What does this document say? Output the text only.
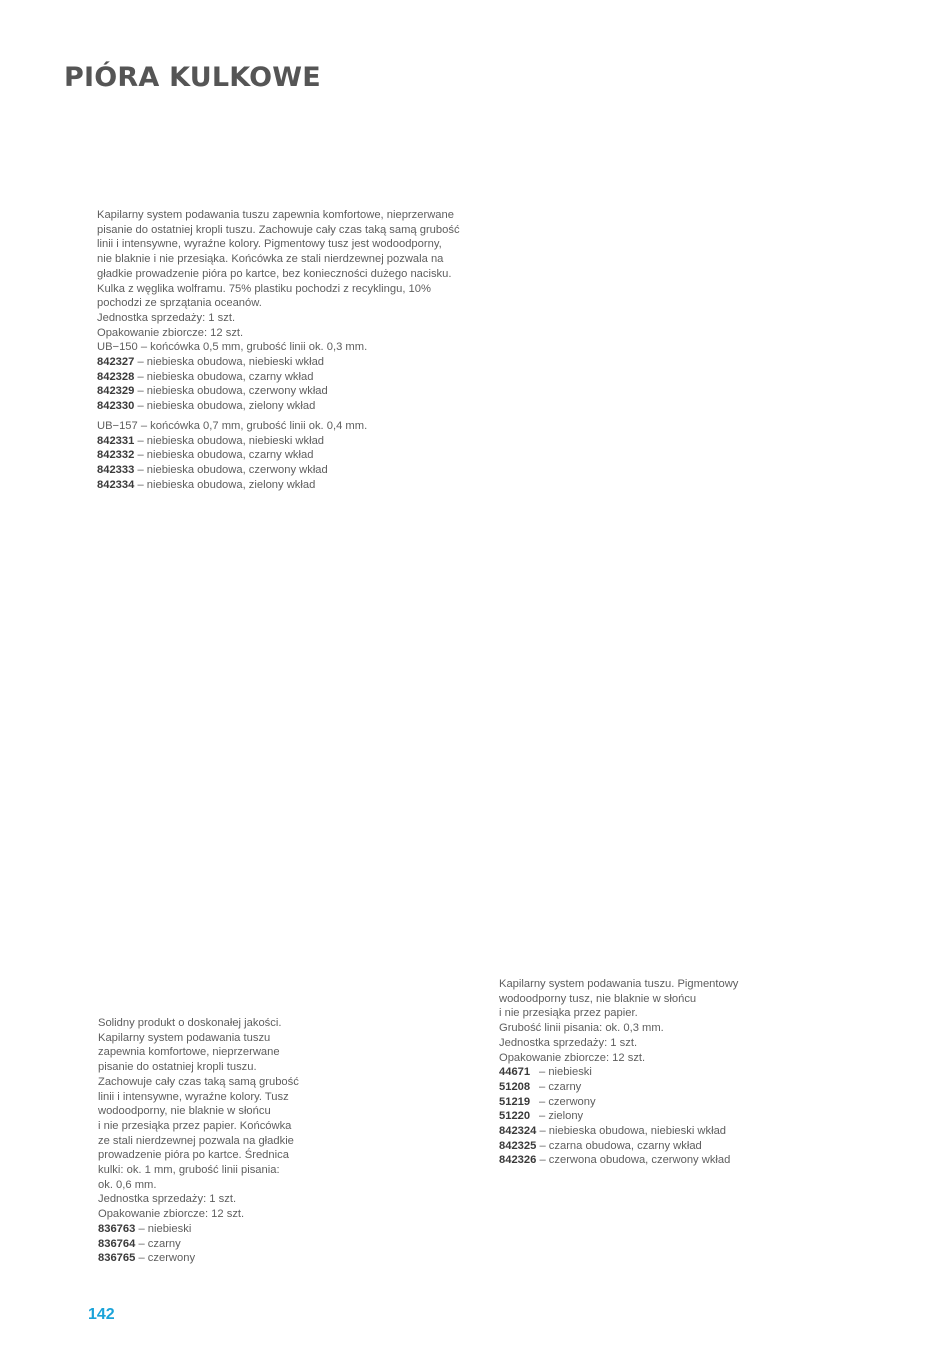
PIÓRA KULKOWE

Kapilarny system podawania tuszu zapewnia komfortowe, nieprzerwane

pisanie do ostatniej kropli tuszu. Zachowuje cały czas taką samą grubość

linii i intensywne, wyraźne kolory. Pigmentowy tusz jest wodoodporny,

nie blaknie i nie przesiąka. Końcówka ze stali nierdzewnej pozwala na

gładkie prowadzenie pióra po kartce, bez konieczności dużego nacisku.

Kulka z węglika wolframu. 75% plastiku pochodzi z recyklingu, 10%

pochodzi ze sprzątania oceanów.

Jednostka sprzedaży: 1 szt.

Opakowanie zbiorcze: 12 szt.

UB−150 – końcówka 0,5 mm, grubość linii ok. 0,3 mm.

842327 – niebieska obudowa, niebieski wkład

842328 – niebieska obudowa, czarny wkład

842329 – niebieska obudowa, czerwony wkład

842330 – niebieska obudowa, zielony wkład

UB−157 – końcówka 0,7 mm, grubość linii ok. 0,4 mm.

842331 – niebieska obudowa, niebieski wkład

842332 – niebieska obudowa, czarny wkład

842333 – niebieska obudowa, czerwony wkład

842334 – niebieska obudowa, zielony wkład

Solidny produkt o doskonałej jakości.

Kapilarny system podawania tuszu

zapewnia komfortowe, nieprzerwane

pisanie do ostatniej kropli tuszu.

Zachowuje cały czas taką samą grubość

linii i intensywne, wyraźne kolory. Tusz

wodoodporny, nie blaknie w słońcu

i nie przesiąka przez papier. Końcówka

ze stali nierdzewnej pozwala na gładkie

prowadzenie pióra po kartce. Średnica

kulki: ok. 1 mm, grubość linii pisania:

ok. 0,6 mm.

Jednostka sprzedaży: 1 szt.

Opakowanie zbiorcze: 12 szt.

836763 – niebieski

836764 – czarny

836765 – czerwony

Kapilarny system podawania tuszu. Pigmentowy

wodoodporny tusz, nie blaknie w słońcu

i nie przesiąka przez papier.

Grubość linii pisania: ok. 0,3 mm.

Jednostka sprzedaży: 1 szt.

Opakowanie zbiorcze: 12 szt.

44671 – niebieski

51208 – czarny

51219 – czerwony

51220 – zielony

842324 – niebieska obudowa, niebieski wkład

842325 – czarna obudowa, czarny wkład

842326 – czerwona obudowa, czerwony wkład

142
